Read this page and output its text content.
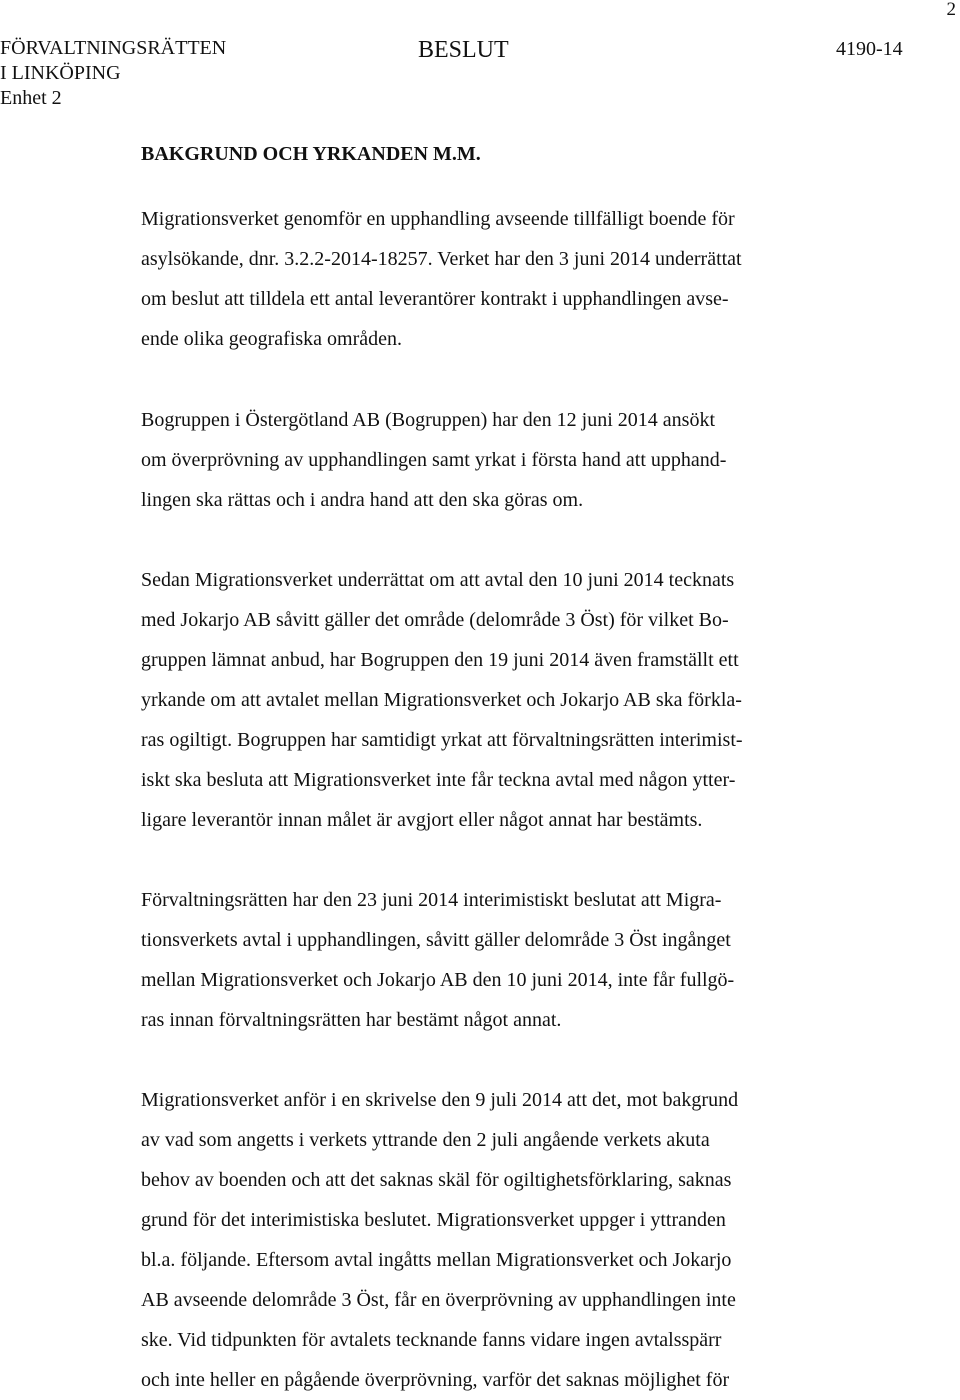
2
FÖRVALTNINGSRÄTTEN
I LINKÖPING
Enhet 2
BESLUT	4190-14
BAKGRUND OCH YRKANDEN M.M.
Migrationsverket genomför en upphandling avseende tillfälligt boende för
asylsökande, dnr. 3.2.2-2014-18257. Verket har den 3 juni 2014 underrättat
om beslut att tilldela ett antal leverantörer kontrakt i upphandlingen avse-
ende olika geografiska områden.
Bogruppen i Östergötland AB (Bogruppen) har den 12 juni 2014 ansökt
om överprövning av upphandlingen samt yrkat i första hand att upphand-
lingen ska rättas och i andra hand att den ska göras om.
Sedan Migrationsverket underrättat om att avtal den 10 juni 2014 tecknats
med Jokarjo AB såvitt gäller det område (delområde 3 Öst) för vilket Bo-
gruppen lämnat anbud, har Bogruppen den 19 juni 2014 även framställt ett
yrkande om att avtalet mellan Migrationsverket och Jokarjo AB ska förkla-
ras ogiltigt. Bogruppen har samtidigt yrkat att förvaltningsrätten interimist-
iskt ska besluta att Migrationsverket inte får teckna avtal med någon ytter-
ligare leverantör innan målet är avgjort eller något annat har bestämts.
Förvaltningsrätten har den 23 juni 2014 interimistiskt beslutat att Migra-
tionsverkets avtal i upphandlingen, såvitt gäller delområde 3 Öst ingånget
mellan Migrationsverket och Jokarjo AB den 10 juni 2014, inte får fullgö-
ras innan förvaltningsrätten har bestämt något annat.
Migrationsverket anför i en skrivelse den 9 juli 2014 att det, mot bakgrund
av vad som angetts i verkets yttrande den 2 juli angående verkets akuta
behov av boenden och att det saknas skäl för ogiltighetsförklaring, saknas
grund för det interimistiska beslutet. Migrationsverket uppger i yttranden
bl.a. följande. Eftersom avtal ingåtts mellan Migrationsverket och Jokarjo
AB avseende delområde 3 Öst, får en överprövning av upphandlingen inte
ske. Vid tidpunkten för avtalets tecknande fanns vidare ingen avtalsspärr
och inte heller en pågående överprövning, varför det saknas möjlighet för
